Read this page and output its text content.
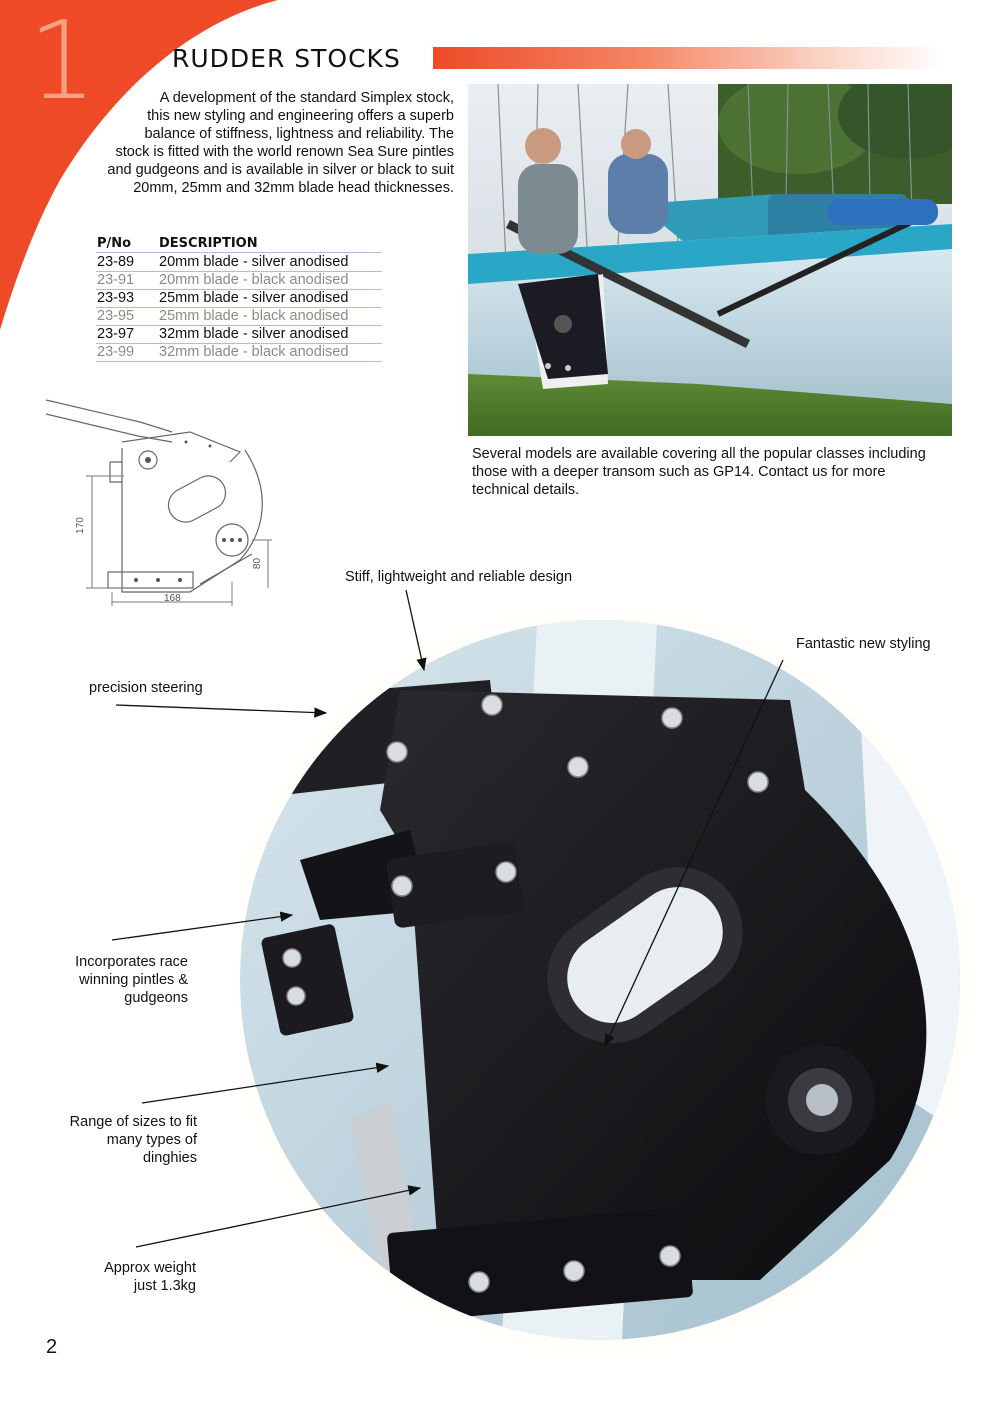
1	RUDDER STOCKS
A development of the standard Simplex stock,
this new styling and engineering offers a superb
balance of stiffness, lightness and reliability. The
stock is fitted with the world renown Sea Sure pintles
and gudgeons and is available in silver or black to suit
20mm, 25mm and 32mm blade head thicknesses.
P/No DESCRIPTION
23-89 20mm blade - silver anodised
23-91 20mm blade - black anodised
23-93 25mm blade - silver anodised
23-95 25mm blade - black anodised
23-97 32mm blade - silver anodised
23-99 32mm blade - black anodised
Several models are available covering all the popular classes including
those with a deeper transom such as GP14. Contact us for more
technical details.
170
168
80
Stiff, lightweight and reliable design
Fantastic new styling
precision steering
Incorporates race
winning pintles &
gudgeons
Range of sizes to fit
many types of
dinghies
Approx weight
just 1.3kg
2
